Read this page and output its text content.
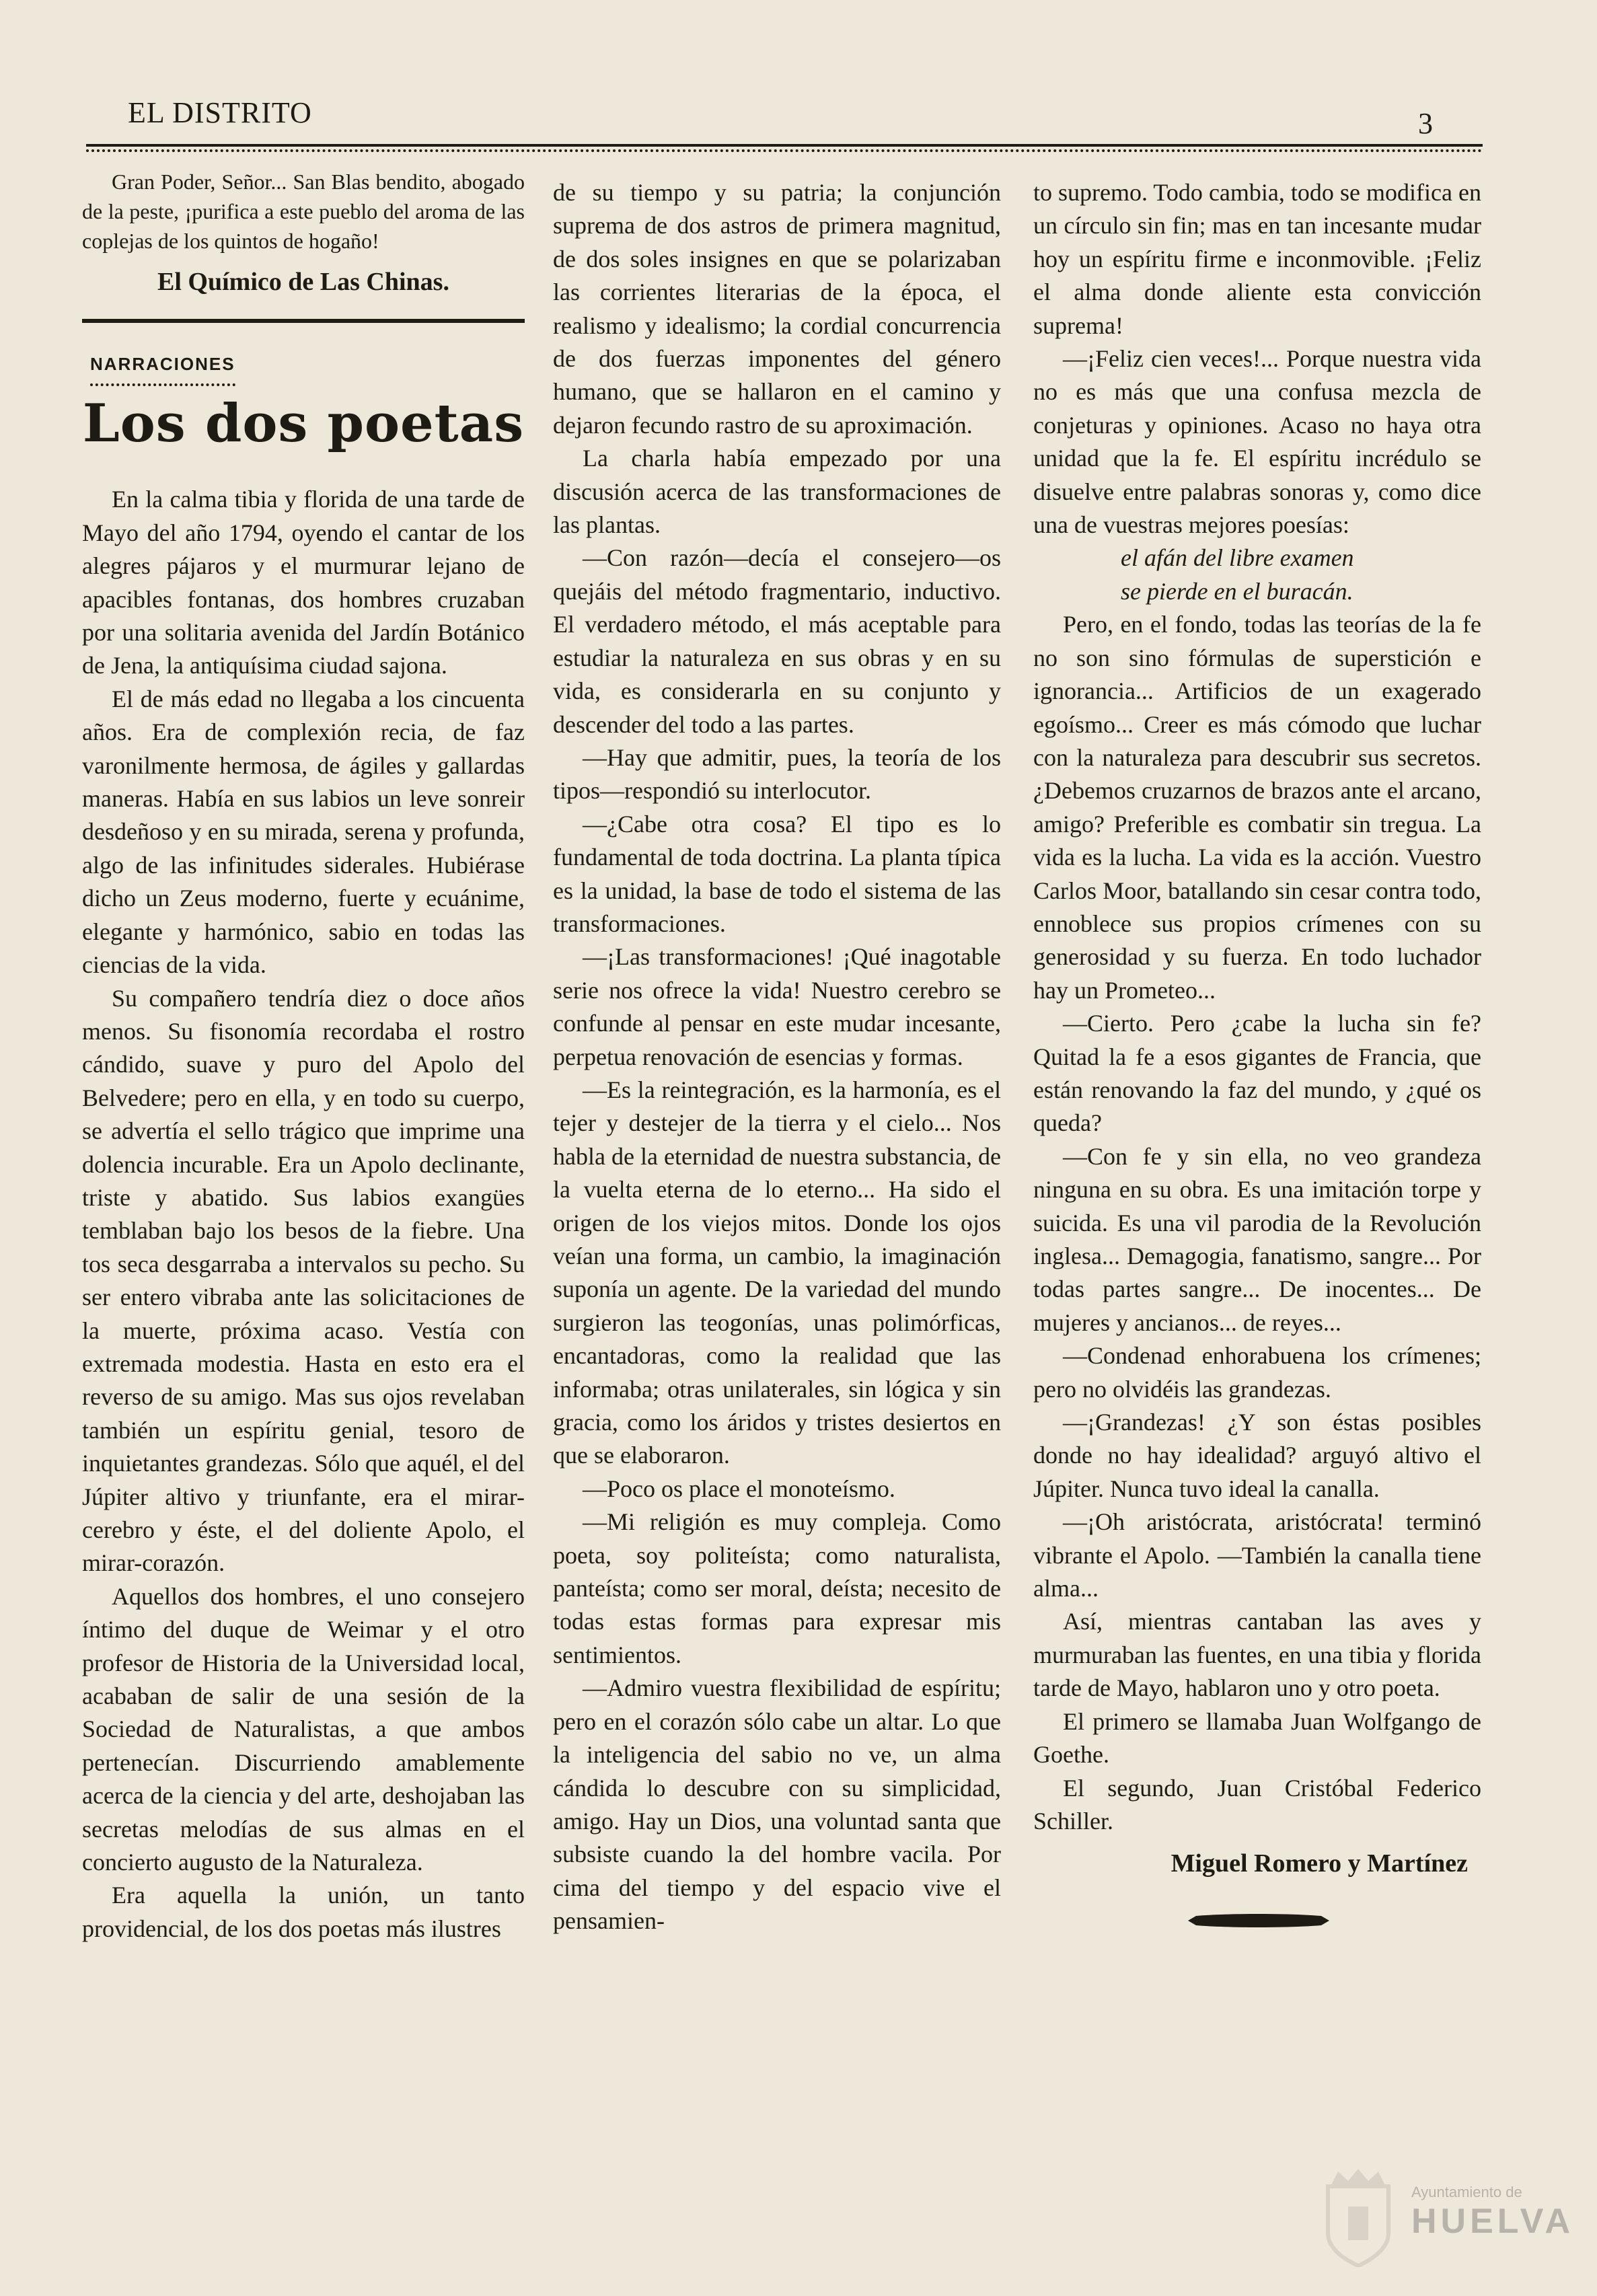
EL DISTRITO	3

Gran Poder, Señor... San Blas bendito, abogado de la peste, ¡purifica a este pueblo del aroma de las coplejas de los quintos de hogaño!

El Químico de Las Chinas.

NARRACIONES
Los dos poetas

En la calma tibia y florida de una tarde de Mayo del año 1794, oyendo el cantar de los alegres pájaros y el murmurar lejano de apacibles fontanas, dos hombres cruzaban por una solitaria avenida del Jardín Botánico de Jena, la antiquísima ciudad sajona.

El de más edad no llegaba a los cincuenta años. Era de complexión recia, de faz varonilmente hermosa, de ágiles y gallardas maneras. Había en sus labios un leve sonreir desdeñoso y en su mirada, serena y profunda, algo de las infinitudes siderales. Hubiérase dicho un Zeus moderno, fuerte y ecuánime, elegante y harmónico, sabio en todas las ciencias de la vida.

Su compañero tendría diez o doce años menos. Su fisonomía recordaba el rostro cándido, suave y puro del Apolo del Belvedere; pero en ella, y en todo su cuerpo, se advertía el sello trágico que imprime una dolencia incurable. Era un Apolo declinante, triste y abatido. Sus labios exangües temblaban bajo los besos de la fiebre. Una tos seca desgarraba a intervalos su pecho. Su ser entero vibraba ante las solicitaciones de la muerte, próxima acaso. Vestía con extremada modestia. Hasta en esto era el reverso de su amigo. Mas sus ojos revelaban también un espíritu genial, tesoro de inquietantes grandezas. Sólo que aquél, el del Júpiter altivo y triunfante, era el mirar-cerebro y éste, el del doliente Apolo, el mirar-corazón.

Aquellos dos hombres, el uno consejero íntimo del duque de Weimar y el otro profesor de Historia de la Universidad local, acababan de salir de una sesión de la Sociedad de Naturalistas, a que ambos pertenecían. Discurriendo amablemente acerca de la ciencia y del arte, deshojaban las secretas melodías de sus almas en el concierto augusto de la Naturaleza.

Era aquella la unión, un tanto providencial, de los dos poetas más ilustres

de su tiempo y su patria; la conjunción suprema de dos astros de primera magnitud, de dos soles insignes en que se polarizaban las corrientes literarias de la época, el realismo y idealismo; la cordial concurrencia de dos fuerzas imponentes del género humano, que se hallaron en el camino y dejaron fecundo rastro de su aproximación.

La charla había empezado por una discusión acerca de las transformaciones de las plantas.

—Con razón—decía el consejero—os quejáis del método fragmentario, inductivo. El verdadero método, el más aceptable para estudiar la naturaleza en sus obras y en su vida, es considerarla en su conjunto y descender del todo a las partes.

—Hay que admitir, pues, la teoría de los tipos—respondió su interlocutor.

—¿Cabe otra cosa? El tipo es lo fundamental de toda doctrina. La planta típica es la unidad, la base de todo el sistema de las transformaciones.

—¡Las transformaciones! ¡Qué inagotable serie nos ofrece la vida! Nuestro cerebro se confunde al pensar en este mudar incesante, perpetua renovación de esencias y formas.

—Es la reintegración, es la harmonía, es el tejer y destejer de la tierra y el cielo... Nos habla de la eternidad de nuestra substancia, de la vuelta eterna de lo eterno... Ha sido el origen de los viejos mitos. Donde los ojos veían una forma, un cambio, la imaginación suponía un agente. De la variedad del mundo surgieron las teogonías, unas polimórficas, encantadoras, como la realidad que las informaba; otras unilaterales, sin lógica y sin gracia, como los áridos y tristes desiertos en que se elaboraron.

—Poco os place el monoteísmo.

—Mi religión es muy compleja. Como poeta, soy politeísta; como naturalista, panteísta; como ser moral, deísta; necesito de todas estas formas para expresar mis sentimientos.

—Admiro vuestra flexibilidad de espíritu; pero en el corazón sólo cabe un altar. Lo que la inteligencia del sabio no ve, un alma cándida lo descubre con su simplicidad, amigo. Hay un Dios, una voluntad santa que subsiste cuando la del hombre vacila. Por cima del tiempo y del espacio vive el pensamien-

to supremo. Todo cambia, todo se modifica en un círculo sin fin; mas en tan incesante mudar hoy un espíritu firme e inconmovible. ¡Feliz el alma donde aliente esta convicción suprema!

—¡Feliz cien veces!... Porque nuestra vida no es más que una confusa mezcla de conjeturas y opiniones. Acaso no haya otra unidad que la fe. El espíritu incrédulo se disuelve entre palabras sonoras y, como dice una de vuestras mejores poesías:

el afán del libre examen

se pierde en el buracán.

Pero, en el fondo, todas las teorías de la fe no son sino fórmulas de superstición e ignorancia... Artificios de un exagerado egoísmo... Creer es más cómodo que luchar con la naturaleza para descubrir sus secretos. ¿Debemos cruzarnos de brazos ante el arcano, amigo? Preferible es combatir sin tregua. La vida es la lucha. La vida es la acción. Vuestro Carlos Moor, batallando sin cesar contra todo, ennoblece sus propios crímenes con su generosidad y su fuerza. En todo luchador hay un Prometeo...

—Cierto. Pero ¿cabe la lucha sin fe? Quitad la fe a esos gigantes de Francia, que están renovando la faz del mundo, y ¿qué os queda?

—Con fe y sin ella, no veo grandeza ninguna en su obra. Es una imitación torpe y suicida. Es una vil parodia de la Revolución inglesa... Demagogia, fanatismo, sangre... Por todas partes sangre... De inocentes... De mujeres y ancianos... de reyes...

—Condenad enhorabuena los crímenes; pero no olvidéis las grandezas.

—¡Grandezas! ¿Y son éstas posibles donde no hay idealidad? arguyó altivo el Júpiter. Nunca tuvo ideal la canalla.

—¡Oh aristócrata, aristócrata! terminó vibrante el Apolo. —También la canalla tiene alma...

Así, mientras cantaban las aves y murmuraban las fuentes, en una tibia y florida tarde de Mayo, hablaron uno y otro poeta.

El primero se llamaba Juan Wolfgango de Goethe.

El segundo, Juan Cristóbal Federico Schiller.

Miguel Romero y Martínez

Ayuntamiento de
HUELVA
